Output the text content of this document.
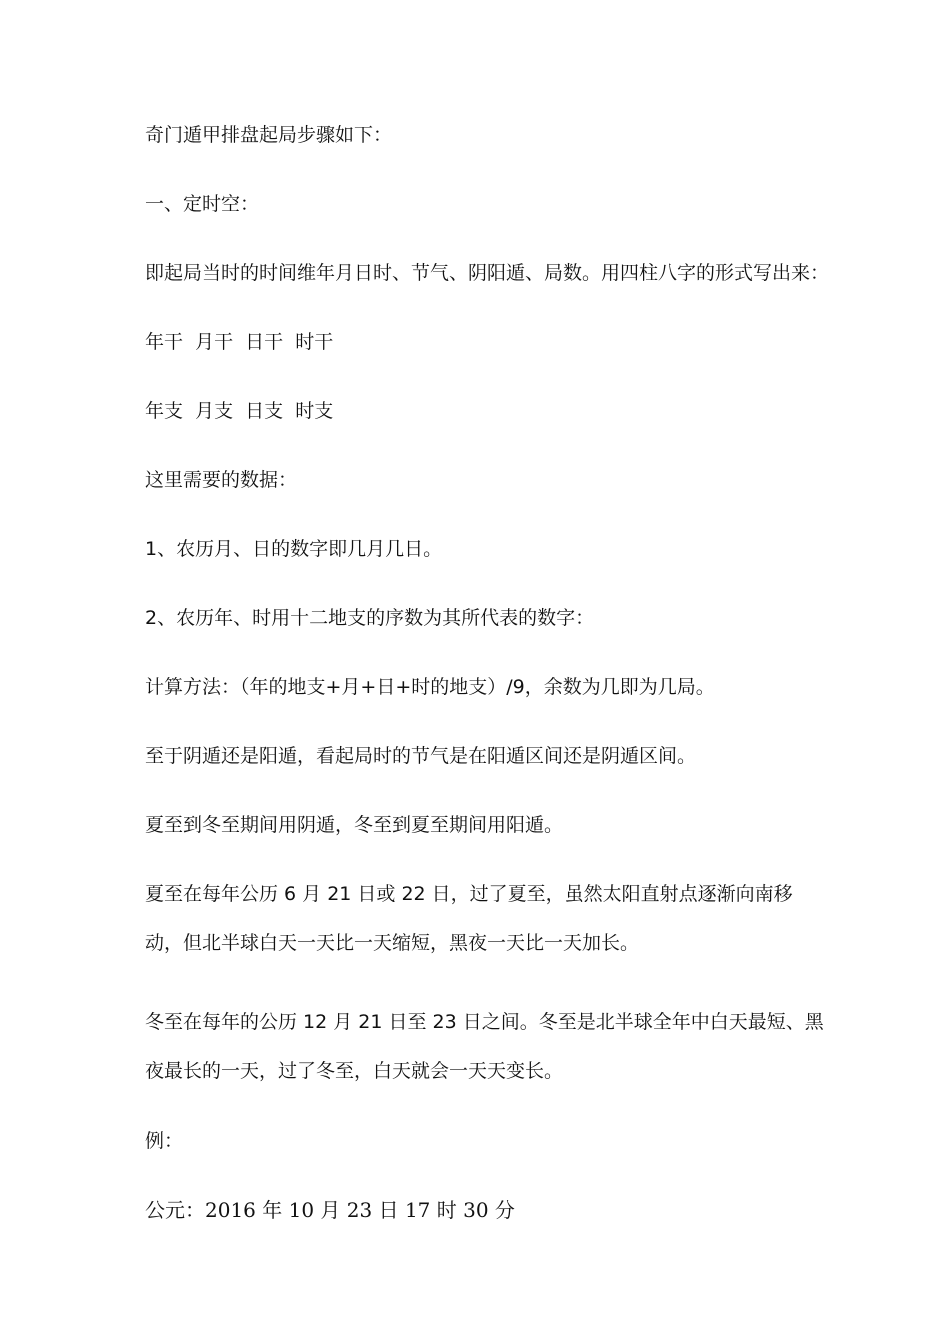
奇门遁甲排盘起局步骤如下：

一、定时空：

即起局当时的时间维年月日时、节气、阴阳遁、局数。用四柱八字的形式写出来：

年干  月干  日干  时干

年支  月支  日支  时支

这里需要的数据：

1、农历月、日的数字即几月几日。

2、农历年、时用十二地支的序数为其所代表的数字：

计算方法：（年的地支+月+日+时的地支）/9，余数为几即为几局。

至于阴遁还是阳遁，看起局时的节气是在阳遁区间还是阴遁区间。

夏至到冬至期间用阴遁，冬至到夏至期间用阳遁。

夏至在每年公历 6 月 21 日或 22 日，过了夏至，虽然太阳直射点逐渐向南移动，但北半球白天一天比一天缩短，黑夜一天比一天加长。

冬至在每年的公历 12 月 21 日至 23 日之间。冬至是北半球全年中白天最短、黑夜最长的一天，过了冬至，白天就会一天天变长。

例：

公元：2016 年 10 月 23 日 17 时 30 分
